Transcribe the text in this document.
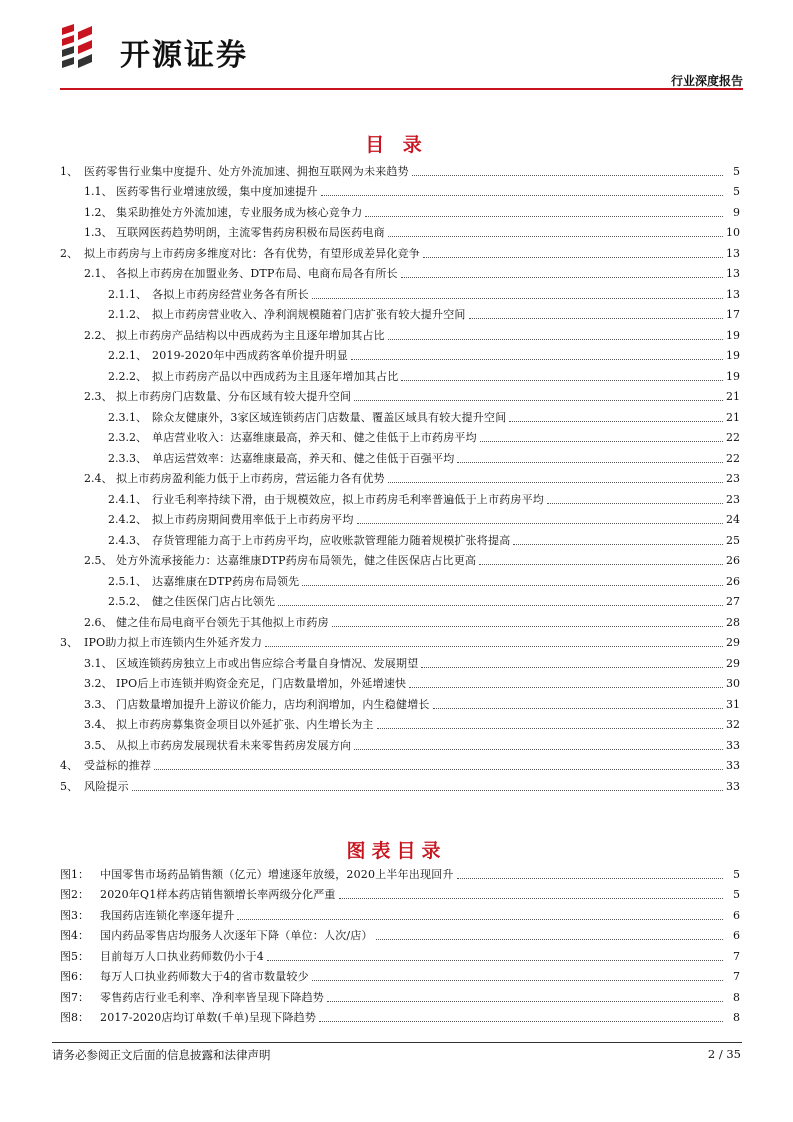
开源证券
行业深度报告
目 录
1、 医药零售行业集中度提升、处方外流加速、拥抱互联网为未来趋势	5
1.1、 医药零售行业增速放缓，集中度加速提升	5
1.2、 集采助推处方外流加速，专业服务成为核心竞争力	9
1.3、 互联网医药趋势明朗，主流零售药房积极布局医药电商	10
2、 拟上市药房与上市药房多维度对比：各有优势，有望形成差异化竞争	13
2.1、 各拟上市药房在加盟业务、DTP布局、电商布局各有所长	13
2.1.1、 各拟上市药房经营业务各有所长	13
2.1.2、 拟上市药房营业收入、净利润规模随着门店扩张有较大提升空间	17
2.2、 拟上市药房产品结构以中西成药为主且逐年增加其占比	19
2.2.1、 2019-2020年中西成药客单价提升明显	19
2.2.2、 拟上市药房产品以中西成药为主且逐年增加其占比	19
2.3、 拟上市药房门店数量、分布区域有较大提升空间	21
2.3.1、 除众友健康外，3家区域连锁药店门店数量、覆盖区域具有较大提升空间	21
2.3.2、 单店营业收入：达嘉维康最高，养天和、健之佳低于上市药房平均	22
2.3.3、 单店运营效率：达嘉维康最高，养天和、健之佳低于百强平均	22
2.4、 拟上市药房盈利能力低于上市药房，营运能力各有优势	23
2.4.1、 行业毛利率持续下滑，由于规模效应，拟上市药房毛利率普遍低于上市药房平均	23
2.4.2、 拟上市药房期间费用率低于上市药房平均	24
2.4.3、 存货管理能力高于上市药房平均，应收账款管理能力随着规模扩张将提高	25
2.5、 处方外流承接能力：达嘉维康DTP药房布局领先，健之佳医保店占比更高	26
2.5.1、 达嘉维康在DTP药房布局领先	26
2.5.2、 健之佳医保门店占比领先	27
2.6、 健之佳布局电商平台领先于其他拟上市药房	28
3、 IPO助力拟上市连锁内生外延齐发力	29
3.1、 区域连锁药房独立上市或出售应综合考量自身情况、发展期望	29
3.2、 IPO后上市连锁并购资金充足，门店数量增加，外延增速快	30
3.3、 门店数量增加提升上游议价能力，店均利润增加，内生稳健增长	31
3.4、 拟上市药房募集资金项目以外延扩张、内生增长为主	32
3.5、 从拟上市药房发展现状看未来零售药房发展方向	33
4、 受益标的推荐	33
5、 风险提示	33
图表目录
图1：	中国零售市场药品销售额（亿元）增速逐年放缓，2020上半年出现回升	5
图2：	2020年Q1样本药店销售额增长率两级分化严重	5
图3：	我国药店连锁化率逐年提升	6
图4：	国内药品零售店均服务人次逐年下降（单位：人次/店）	6
图5：	目前每万人口执业药师数仍小于4	7
图6：	每万人口执业药师数大于4的省市数量较少	7
图7：	零售药店行业毛利率、净利率皆呈现下降趋势	8
图8：	2017-2020店均订单数(千单)呈现下降趋势	8
请务必参阅正文后面的信息披露和法律声明	2 / 35
